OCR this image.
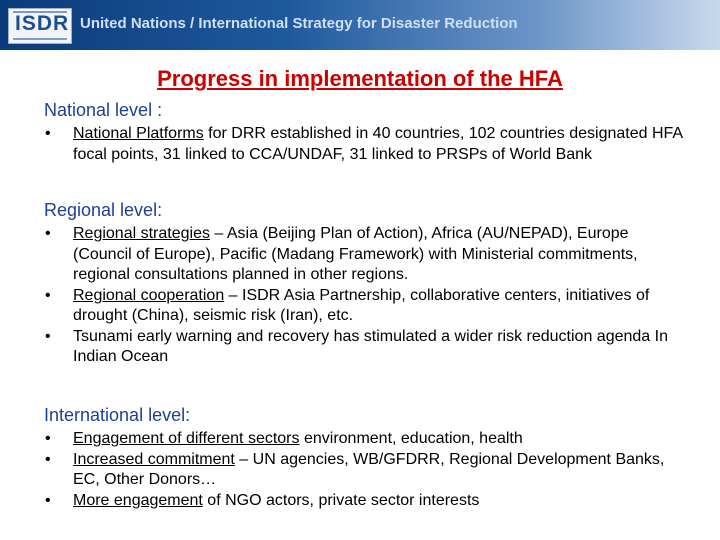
ISDR United Nations / International Strategy for Disaster Reduction
Progress in implementation of the HFA
National level :
• National Platforms for DRR established in 40 countries, 102 countries designated HFA focal points, 31 linked to CCA/UNDAF, 31 linked to PRSPs of World Bank
Regional level:
• Regional strategies – Asia (Beijing Plan of Action), Africa (AU/NEPAD), Europe (Council of Europe), Pacific (Madang Framework) with Ministerial commitments, regional consultations planned in other regions.
• Regional cooperation – ISDR Asia Partnership, collaborative centers, initiatives of drought (China), seismic risk (Iran), etc.
• Tsunami early warning and recovery has stimulated a wider risk reduction agenda In Indian Ocean
International level:
• Engagement of different sectors environment, education, health
• Increased commitment – UN agencies, WB/GFDRR, Regional Development Banks, EC, Other Donors…
• More engagement of NGO actors, private sector interests
